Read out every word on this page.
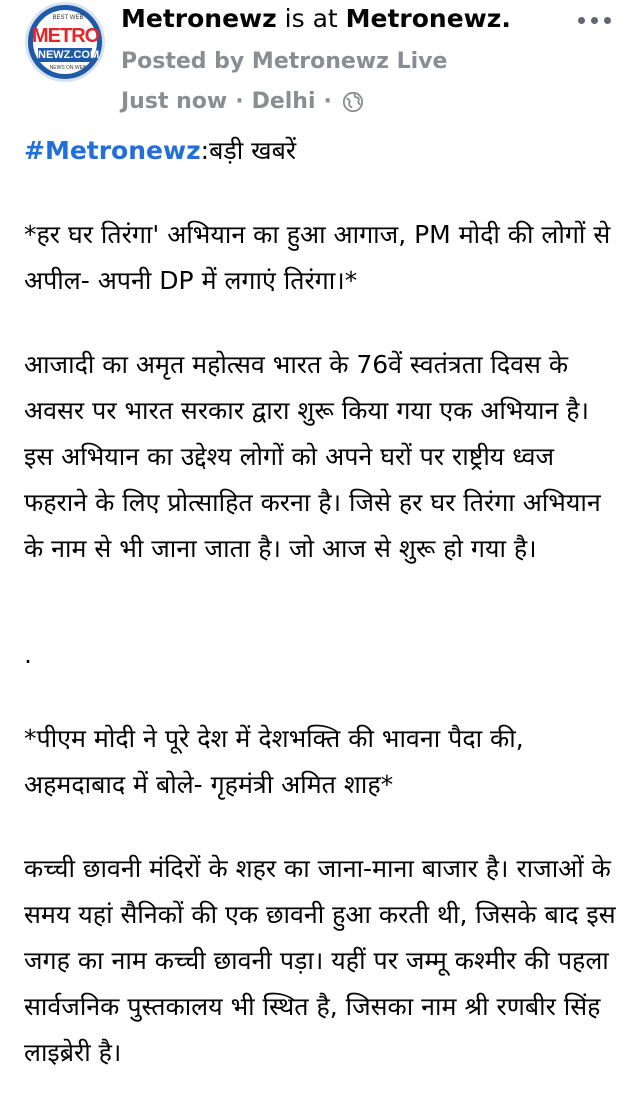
BEST WEB
METRO
NEWZ.COM
NEWS ON WEB
Metronewz is at Metronewz.
Posted by Metronewz Live
Just now · Delhi ·

#Metronewz:बड़ी खबरें

*हर घर तिरंगा' अभियान का हुआ आगाज, PM मोदी की लोगों से अपील- अपनी DP में लगाएं तिरंगा।*

आजादी का अमृत महोत्सव भारत के 76वें स्वतंत्रता दिवस के अवसर पर भारत सरकार द्वारा शुरू किया गया एक अभियान है। इस अभियान का उद्देश्य लोगों को अपने घरों पर राष्ट्रीय ध्वज फहराने के लिए प्रोत्साहित करना है। जिसे हर घर तिरंगा अभियान के नाम से भी जाना जाता है। जो आज से शुरू हो गया है।

.

*पीएम मोदी ने पूरे देश में देशभक्ति की भावना पैदा की, अहमदाबाद में बोले- गृहमंत्री अमित शाह*

कच्ची छावनी मंदिरों के शहर का जाना-माना बाजार है। राजाओं के समय यहां सैनिकों की एक छावनी हुआ करती थी, जिसके बाद इस जगह का नाम कच्ची छावनी पड़ा। यहीं पर जम्मू कश्मीर की पहला सार्वजनिक पुस्तकालय भी स्थित है, जिसका नाम श्री रणबीर सिंह लाइब्रेरी है।
